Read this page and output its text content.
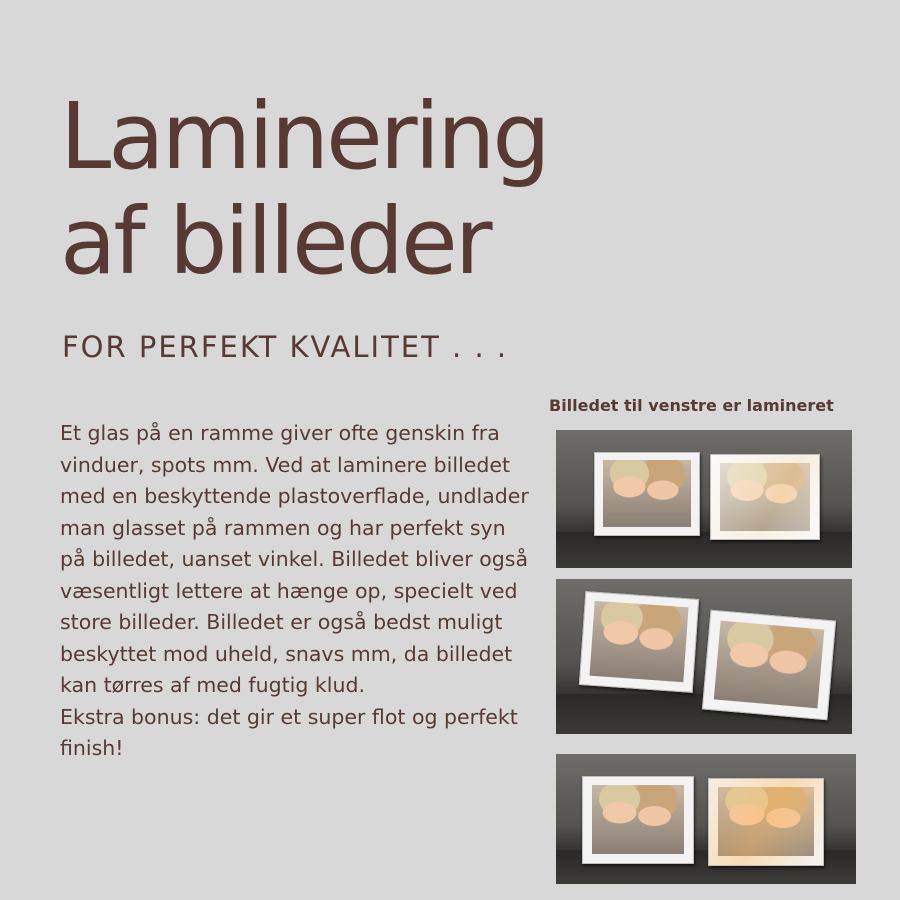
Laminering
af billeder
FOR PERFEKT KVALITET . . .

Et glas på en ramme giver ofte genskin fra vinduer, spots mm. Ved at laminere billedet med en beskyttende plastoverflade, undlader man glasset på rammen og har perfekt syn på billedet, uanset vinkel. Billedet bliver også væsentligt lettere at hænge op, specielt ved store billeder. Billedet er også bedst muligt beskyttet mod uheld, snavs mm, da billedet kan tørres af med fugtig klud.

Ekstra bonus: det gir et super flot og perfekt finish!

Billedet til venstre er lamineret
